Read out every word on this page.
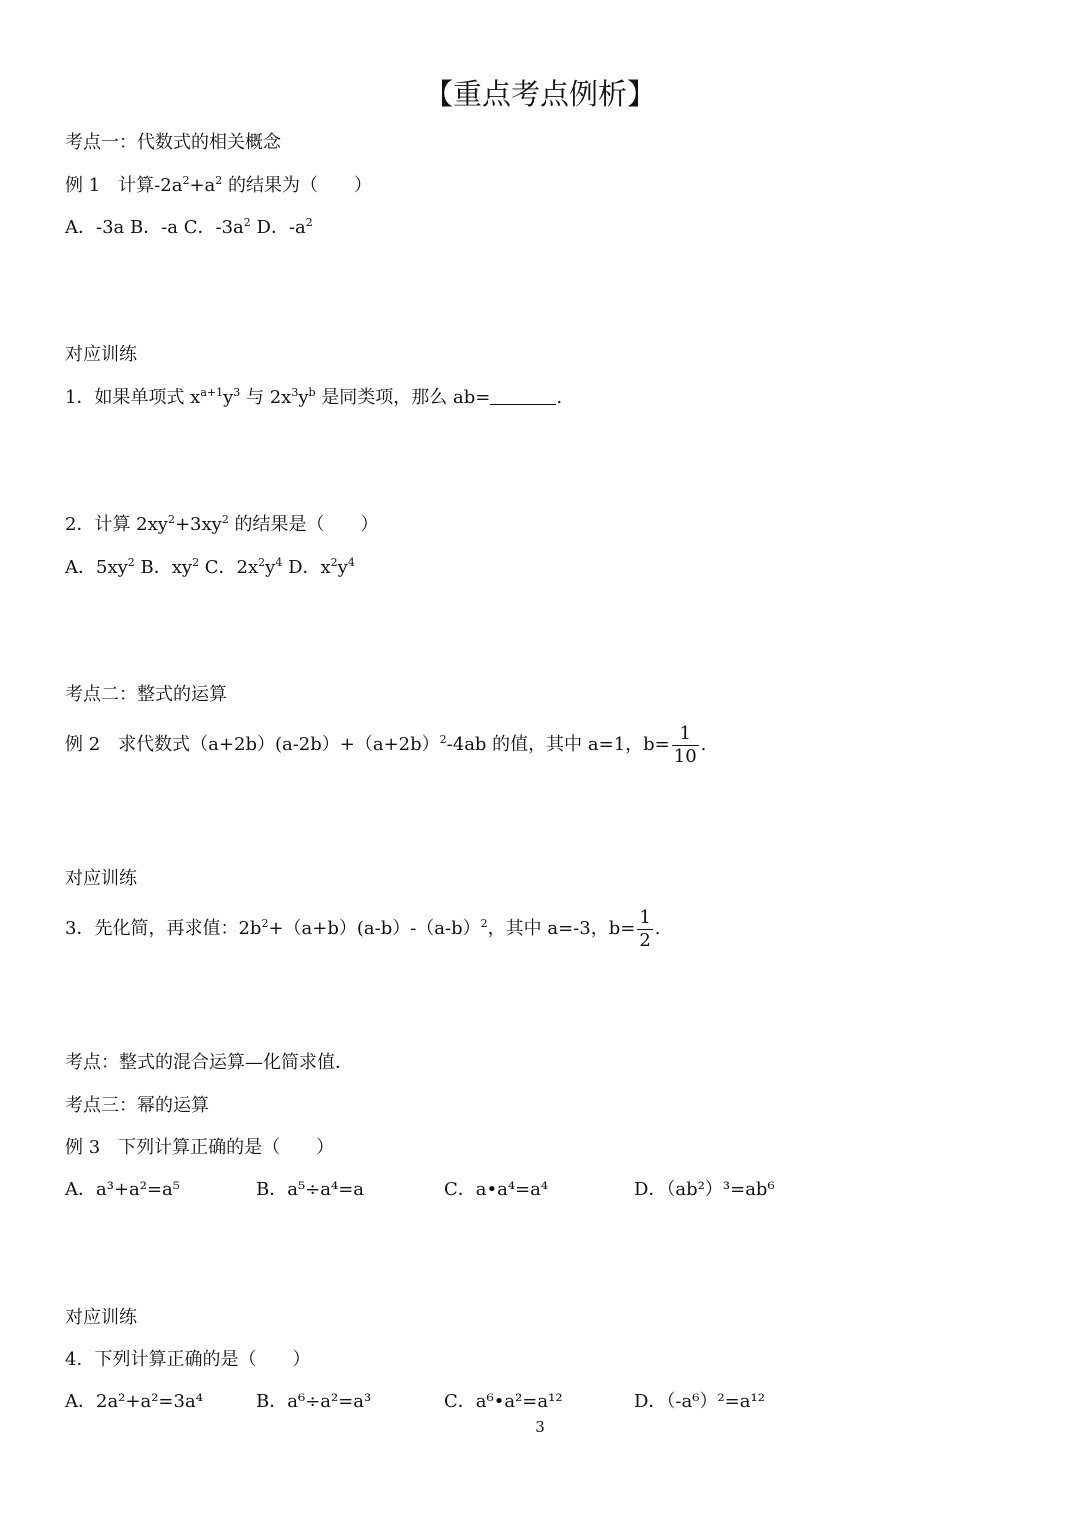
【重点考点例析】
考点一：代数式的相关概念
例 1　计算$-2a^2+a^2$ 的结果为（　　）
A．-3a B．-a C．$-3a^2$ D．$-a^2$
对应训练
1．如果单项式 $x^{a+1}y^3$ 与 $2x^3y^b$ 是同类项，那么 ab=	.
2．计算 $2xy^2+3xy^2$ 的结果是（　　）
A．$5xy^2$ B．$xy^2$ C．$2x^2y^4$ D．$x^2y^4$
考点二：整式的运算
例 2　求代数式$(a+2b)(a-2b)+(a+2b)^2-4ab$ 的值，其中 a=1，$b= \frac{1}{10}$ .
对应训练
3．先化简，再求值：$2b^2+(a+b)(a-b)-(a-b)^2$，其中 a=-3，$b= \frac{1}{2}$ .
考点：整式的混合运算—化简求值．
考点三：幂的运算
例 3　下列计算正确的是（　　）
A．a³+a²=a⁵	B．a⁵÷a⁴=a	C．a•a⁴=a⁴	D．（ab²）³=ab⁶
对应训练
4．下列计算正确的是（　　）
A．2a²+a²=3a⁴	B．a⁶÷a²=a³	C．a⁶•a²=a¹²	D．（-a⁶）²=a¹²
3
